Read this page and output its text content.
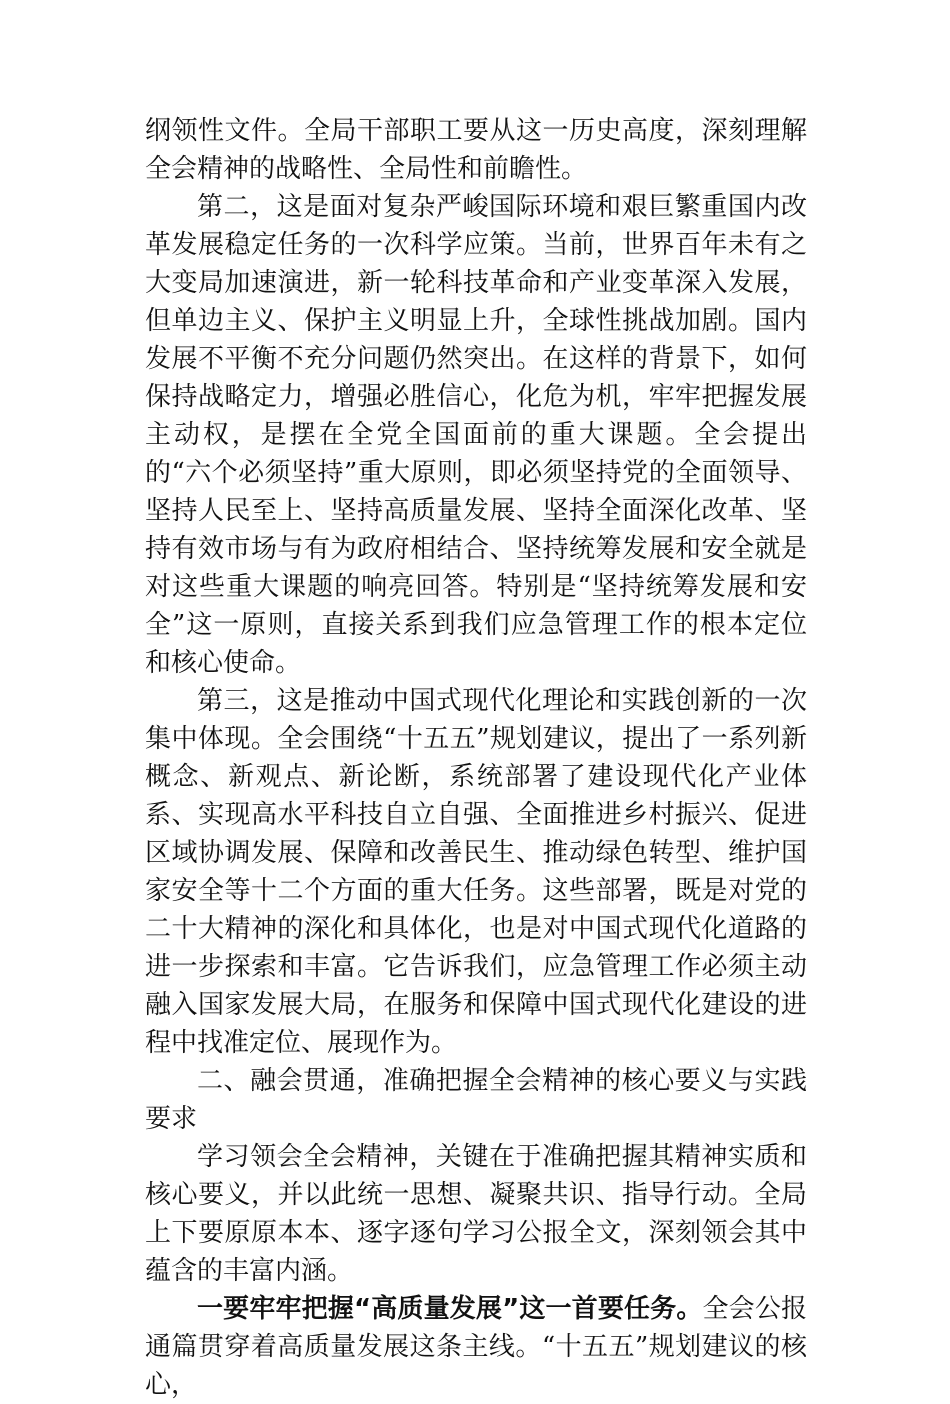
纲领性文件。全局干部职工要从这一历史高度，深刻理解全会精神的战略性、全局性和前瞻性。

第二，这是面对复杂严峻国际环境和艰巨繁重国内改革发展稳定任务的一次科学应策。当前，世界百年未有之大变局加速演进，新一轮科技革命和产业变革深入发展，但单边主义、保护主义明显上升，全球性挑战加剧。国内发展不平衡不充分问题仍然突出。在这样的背景下，如何保持战略定力，增强必胜信心，化危为机，牢牢把握发展主动权，是摆在全党全国面前的重大课题。全会提出的“六个必须坚持”重大原则，即必须坚持党的全面领导、坚持人民至上、坚持高质量发展、坚持全面深化改革、坚持有效市场与有为政府相结合、坚持统筹发展和安全就是对这些重大课题的响亮回答。特别是“坚持统筹发展和安全”这一原则，直接关系到我们应急管理工作的根本定位和核心使命。

第三，这是推动中国式现代化理论和实践创新的一次集中体现。全会围绕“十五五”规划建议，提出了一系列新概念、新观点、新论断，系统部署了建设现代化产业体系、实现高水平科技自立自强、全面推进乡村振兴、促进区域协调发展、保障和改善民生、推动绿色转型、维护国家安全等十二个方面的重大任务。这些部署，既是对党的二十大精神的深化和具体化，也是对中国式现代化道路的进一步探索和丰富。它告诉我们，应急管理工作必须主动融入国家发展大局，在服务和保障中国式现代化建设的进程中找准定位、展现作为。

二、融会贯通，准确把握全会精神的核心要义与实践要求

学习领会全会精神，关键在于准确把握其精神实质和核心要义，并以此统一思想、凝聚共识、指导行动。全局上下要原原本本、逐字逐句学习公报全文，深刻领会其中蕴含的丰富内涵。

一要牢牢把握“高质量发展”这一首要任务。全会公报通篇贯穿着高质量发展这条主线。“十五五”规划建议的核心，
